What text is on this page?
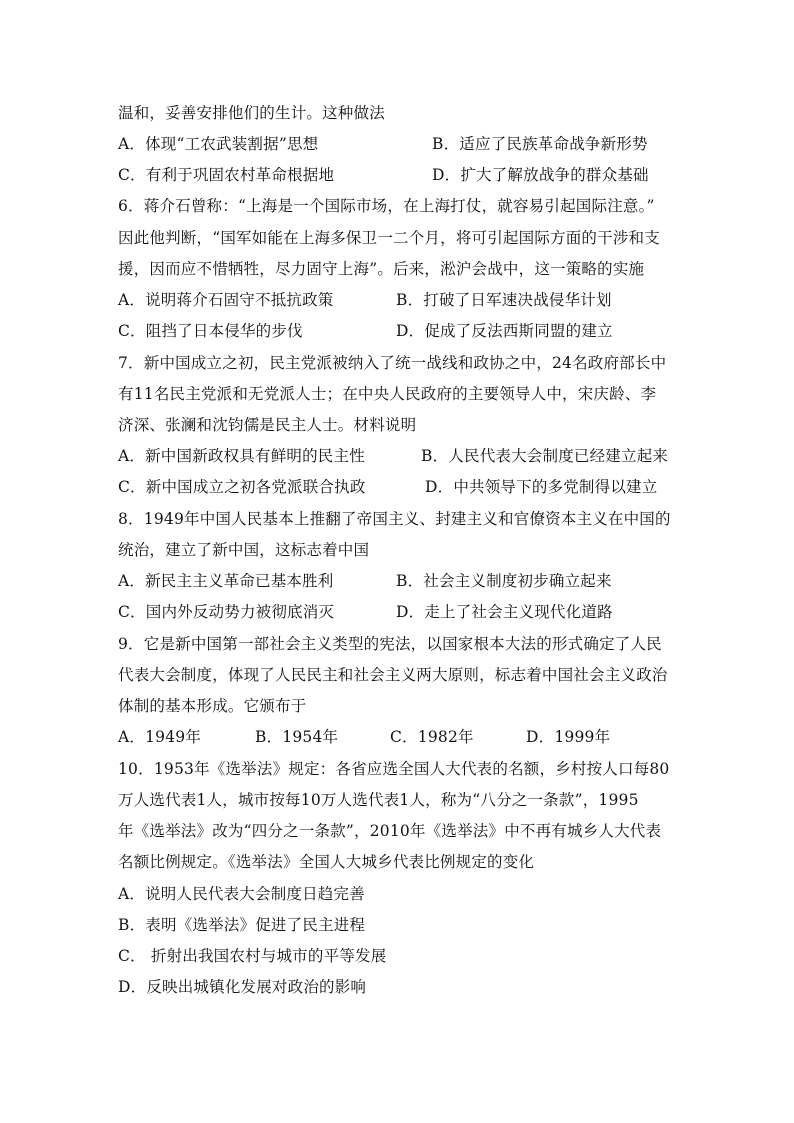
温和，妥善安排他们的生计。这种做法
A．体现“工农武装割据”思想	B．适应了民族革命战争新形势
C．有利于巩固农村革命根据地	D．扩大了解放战争的群众基础
6．蒋介石曾称：“上海是一个国际市场，在上海打仗，就容易引起国际注意。”
因此他判断，“国军如能在上海多保卫一二个月，将可引起国际方面的干涉和支
援，因而应不惜牺牲，尽力固守上海”。后来，淞沪会战中，这一策略的实施
A．说明蒋介石固守不抵抗政策	B．打破了日军速决战侵华计划
C．阻挡了日本侵华的步伐	D．促成了反法西斯同盟的建立
7．新中国成立之初，民主党派被纳入了统一战线和政协之中，24名政府部长中
有11名民主党派和无党派人士；在中央人民政府的主要领导人中，宋庆龄、李
济深、张澜和沈钧儒是民主人士。材料说明
A．新中国新政权具有鲜明的民主性	B．人民代表大会制度已经建立起来
C．新中国成立之初各党派联合执政	D．中共领导下的多党制得以建立
8．1949年中国人民基本上推翻了帝国主义、封建主义和官僚资本主义在中国的
统治，建立了新中国，这标志着中国
A．新民主主义革命已基本胜利	B．社会主义制度初步确立起来
C．国内外反动势力被彻底消灭	D．走上了社会主义现代化道路
9．它是新中国第一部社会主义类型的宪法，以国家根本大法的形式确定了人民
代表大会制度，体现了人民民主和社会主义两大原则，标志着中国社会主义政治
体制的基本形成。它颁布于
A．1949年	B．1954年	C．1982年	D．1999年
10．1953年《选举法》规定：各省应选全国人大代表的名额，乡村按人口每80
万人选代表1人，城市按每10万人选代表1人，称为“八分之一条款”，1995
年《选举法》改为“四分之一条款”，2010年《选举法》中不再有城乡人大代表
名额比例规定。《选举法》全国人大城乡代表比例规定的变化
A．说明人民代表大会制度日趋完善
B．表明《选举法》促进了民主进程
C． 折射出我国农村与城市的平等发展
D．反映出城镇化发展对政治的影响
